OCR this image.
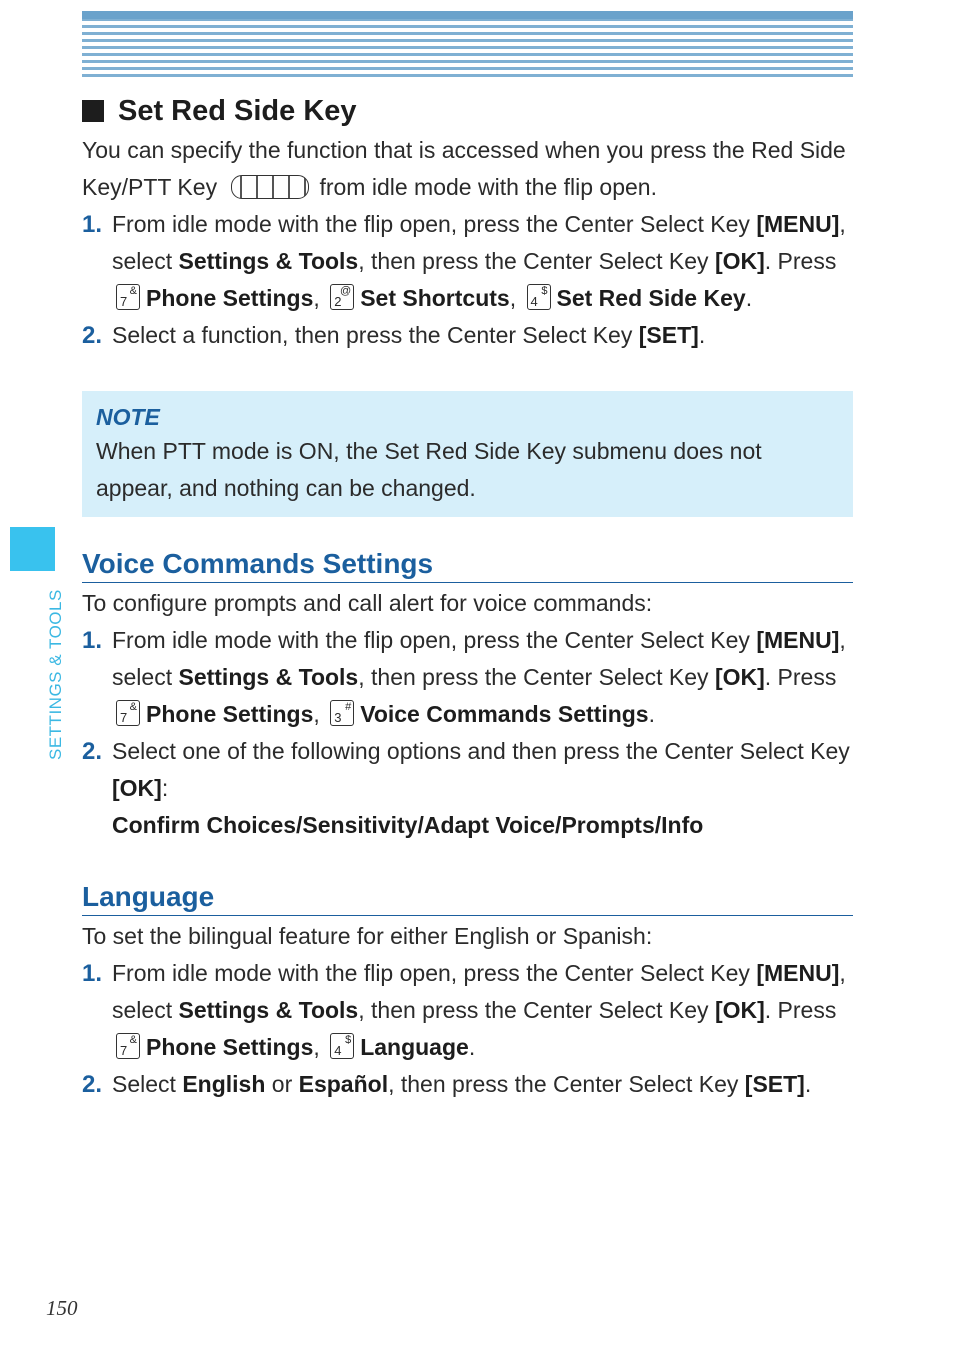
SETTINGS & TOOLS
Set Red Side Key

You can specify the function that is accessed when you press the Red Side Key/PTT Key	from idle mode with the flip open.

1. From idle mode with the flip open, press the Center Select Key [MENU], select Settings & Tools, then press the Center Select Key [OK]. Press
7
& Phone Settings, 2
@ Set Shortcuts, 4
$ Set Red Side Key.
2. Select a function, then press the Center Select Key [SET].
NOTE

When PTT mode is ON, the Set Red Side Key submenu does not appear, and nothing can be changed.

Voice Commands Settings

To configure prompts and call alert for voice commands:

1. From idle mode with the flip open, press the Center Select Key [MENU], select Settings & Tools, then press the Center Select Key [OK]. Press
7
& Phone Settings, 3
# Voice Commands Settings.
2. Select one of the following options and then press the Center Select Key [OK]:
Confirm Choices/Sensitivity/Adapt Voice/Prompts/Info
Language

To set the bilingual feature for either English or Spanish:

1. From idle mode with the flip open, press the Center Select Key [MENU], select Settings & Tools, then press the Center Select Key [OK]. Press
7
& Phone Settings, 4
$ Language.
2. Select English or Español, then press the Center Select Key [SET].
150
